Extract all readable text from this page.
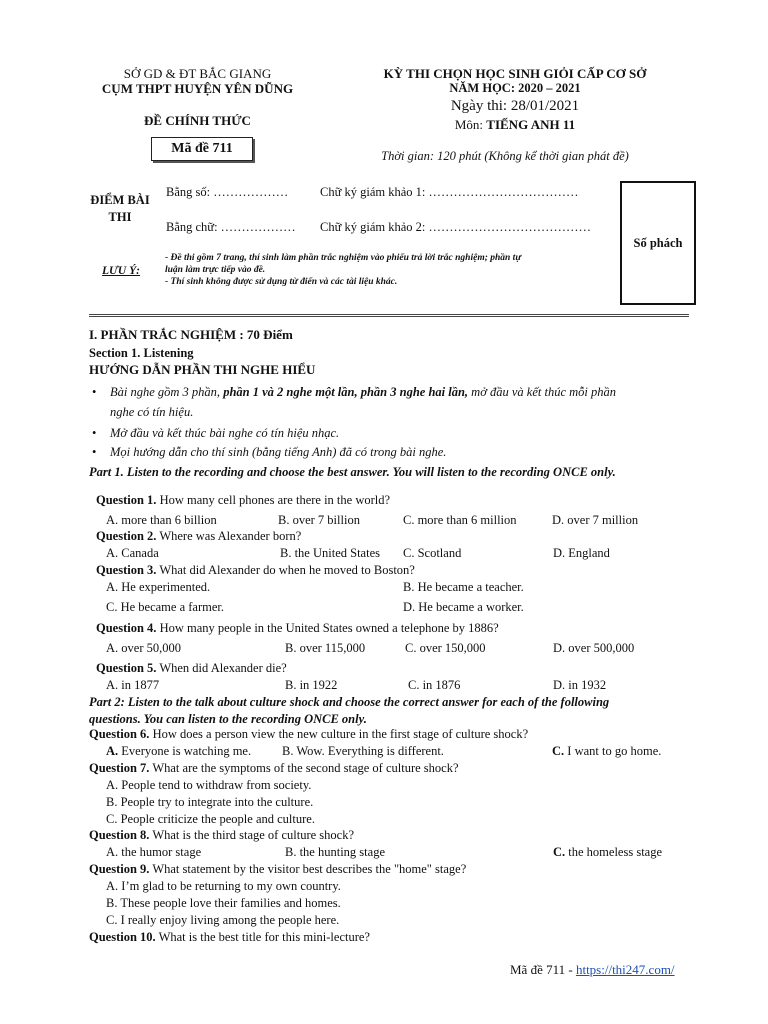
SỞ GD & ĐT BẮC GIANG
CỤM THPT HUYỆN YÊN DŨNG
ĐỀ CHÍNH THỨC
Mã đề 711
KỲ THI CHỌN HỌC SINH GIỎI CẤP CƠ SỞ
NĂM HỌC: 2020 – 2021
Ngày thi: 28/01/2021
Môn: TIẾNG ANH 11
Thời gian: 120 phút (Không kể thời gian phát đề)
ĐIỂM BÀI
THI
Bằng số: ………………	Chữ ký giám khảo 1: ………………………………
Bằng chữ: ……………… Chữ ký giám khảo 2: …………………………………
Số phách
LƯU Ý:
- Đề thi gồm 7 trang, thí sinh làm phần trắc nghiệm vào phiếu trả lời trắc nghiệm; phần tự
luận làm trực tiếp vào đề.
- Thí sinh không được sử dụng từ điển và các tài liệu khác.
I. PHẦN TRẮC NGHIỆM : 70 Điểm
Section 1. Listening
HƯỚNG DẪN PHẦN THI NGHE HIỂU
• Bài nghe gồm 3 phần, phần 1 và 2 nghe một lần, phần 3 nghe hai lần, mở đầu và kết thúc mỗi phần
nghe có tín hiệu.
• Mở đầu và kết thúc bài nghe có tín hiệu nhạc.
• Mọi hướng dẫn cho thí sinh (bằng tiếng Anh) đã có trong bài nghe.
Part 1. Listen to the recording and choose the best answer. You will listen to the recording ONCE only.
Question 1. How many cell phones are there in the world?
A. more than 6 billion	B. over 7 billion	C. more than 6 million	D. over 7 million
Question 2. Where was Alexander born?
A. Canada	B. the United States C. Scotland	D. England
Question 3. What did Alexander do when he moved to Boston?
A. He experimented.	B. He became a teacher.
C. He became a farmer.	D. He became a worker.
Question 4. How many people in the United States owned a telephone by 1886?
A. over 50,000	B. over 115,000	C. over 150,000	D. over 500,000
Question 5. When did Alexander die?
A. in 1877	B. in 1922	C. in 1876	D. in 1932
Part 2: Listen to the talk about culture shock and choose the correct answer for each of the following
questions. You can listen to the recording ONCE only.
Question 6. How does a person view the new culture in the first stage of culture shock?
A. Everyone is watching me. B. Wow. Everything is different.	C. I want to go home.
Question 7. What are the symptoms of the second stage of culture shock?
A. People tend to withdraw from society.
B. People try to integrate into the culture.
C. People criticize the people and culture.
Question 8. What is the third stage of culture shock?
A. the humor stage	B. the hunting stage	C. the homeless stage
Question 9. What statement by the visitor best describes the "home" stage?
A. I’m glad to be returning to my own country.
B. These people love their families and homes.
C. I really enjoy living among the people here.
Question 10. What is the best title for this mini-lecture?
Mã đề 711 - https://thi247.com/
